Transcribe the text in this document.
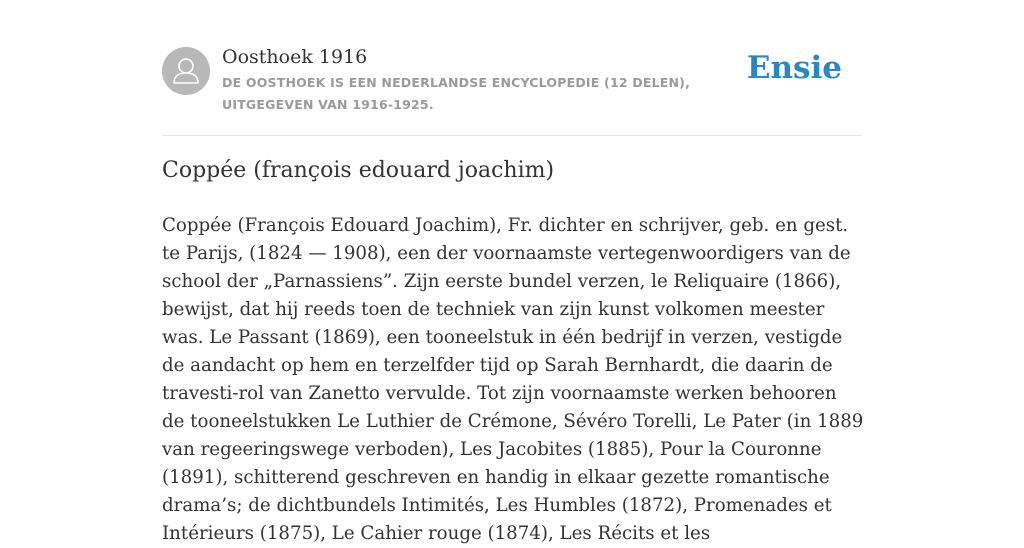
Oosthoek 1916
DE OOSTHOEK IS EEN NEDERLANDSE ENCYCLOPEDIE (12 DELEN), UITGEGEVEN VAN 1916-1925.
Ensie
Coppée (françois edouard joachim)

Coppée (François Edouard Joachim), Fr. dichter en schrijver, geb. en gest. te Parijs, (1824 — 1908), een der voornaamste vertegenwoordigers van de school der „Parnassiens”. Zijn eerste bundel verzen, le Reliquaire (1866), bewijst, dat hij reeds toen de techniek van zijn kunst volkomen meester was. Le Passant (1869), een tooneelstuk in één bedrijf in verzen, vestigde de aandacht op hem en terzelfder tijd op Sarah Bernhardt, die daarin de travesti-rol van Zanetto vervulde. Tot zijn voornaamste werken behooren de tooneelstukken Le Luthier de Crémone, Sévéro Torelli, Le Pater (in 1889 van regeeringswege verboden), Les Jacobites (1885), Pour la Couronne (1891), schitterend geschreven en handig in elkaar gezette romantische drama’s; de dichtbundels Intimités, Les Humbles (1872), Promenades et Intérieurs (1875), Le Cahier rouge (1874), Les Récits et les
